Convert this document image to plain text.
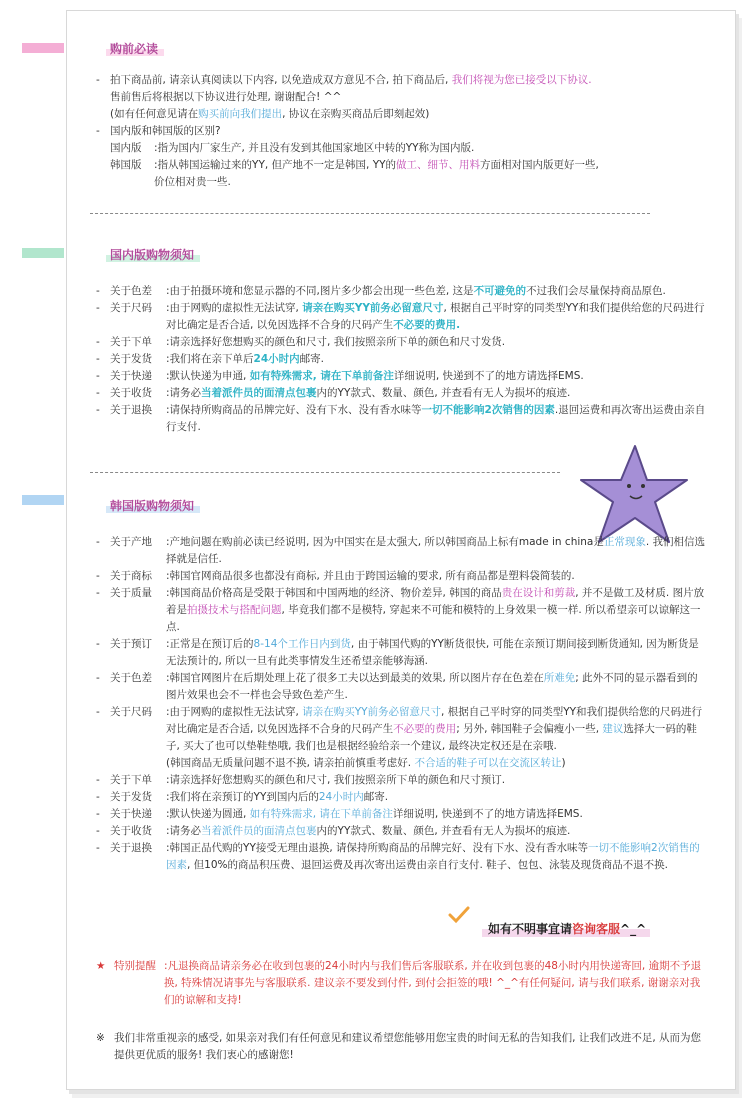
购前必读
- 拍下商品前, 请亲认真阅读以下内容, 以免造成双方意见不合, 拍下商品后, 我们将视为您已接受以下协议.
售前售后将根据以下协议进行处理, 谢谢配合! ^^
(如有任何意见请在购买前向我们提出, 协议在亲购买商品后即刻起效)
- 国内版和韩国版的区别?
国内版	:指为国内厂家生产, 并且没有发到其他国家地区中转的YY称为国内版.
韩国版	:指从韩国运输过来的YY, 但产地不一定是韩国, YY的做工、细节、用料方面相对国内版更好一些,
价位相对贵一些.
国内版购物须知
- 关于色差	:由于拍摄环境和您显示器的不同,图片多少都会出现一些色差, 这是不可避免的不过我们会尽量保持商品原色.
- 关于尺码	:由于网购的虚拟性无法试穿, 请亲在购买YY前务必留意尺寸, 根据自己平时穿的同类型YY和我们提供给您的尺码进行对比确定是否合适, 以免因选择不合身的尺码产生不必要的费用.
- 关于下单	:请亲选择好您想购买的颜色和尺寸, 我们按照亲所下单的颜色和尺寸发货.
- 关于发货	:我们将在亲下单后24小时内邮寄.
- 关于快递	:默认快递为申通, 如有特殊需求, 请在下单前备注详细说明, 快递到不了的地方请选择EMS.
- 关于收货	:请务必当着派件员的面清点包裹内的YY款式、数量、颜色, 并查看有无人为损坏的痕迹.
- 关于退换	:请保持所购商品的吊牌完好、没有下水、没有香水味等一切不能影响2次销售的因素.退回运费和再次寄出运费由亲自行支付.
韩国版购物须知
- 关于产地	:产地问题在购前必读已经说明, 因为中国实在是太强大, 所以韩国商品上标有made in china是正常现象. 我们相信选择就是信任.
- 关于商标	:韩国官网商品很多也都没有商标, 并且由于跨国运输的要求, 所有商品都是塑料袋简装的.
- 关于质量	:韩国商品价格高是受限于韩国和中国两地的经济、物价差异, 韩国的商品贵在设计和剪裁, 并不是做工及材质. 图片放着是拍摄技术与搭配问题, 毕竟我们都不是模特, 穿起来不可能和模特的上身效果一模一样. 所以希望亲可以谅解这一点.
- 关于预订	:正常是在预订后的8-14个工作日内到货, 由于韩国代购的YY断货很快, 可能在亲预订期间接到断货通知, 因为断货是无法预计的, 所以一旦有此类事情发生还希望亲能够海涵.
- 关于色差	:韩国官网图片在后期处理上花了很多工夫以达到最美的效果, 所以图片存在色差在所难免; 此外不同的显示器看到的图片效果也会不一样也会导致色差产生.
- 关于尺码	:由于网购的虚拟性无法试穿, 请亲在购买YY前务必留意尺寸, 根据自己平时穿的同类型YY和我们提供给您的尺码进行对比确定是否合适, 以免因选择不合身的尺码产生不必要的费用; 另外, 韩国鞋子会偏瘦小一些, 建议选择大一码的鞋子, 买大了也可以垫鞋垫哦, 我们也是根据经验给亲一个建议, 最终决定权还是在亲哦.
(韩国商品无质量问题不退不换, 请亲拍前慎重考虑好. 不合适的鞋子可以在交流区转让)
- 关于下单	:请亲选择好您想购买的颜色和尺寸, 我们按照亲所下单的颜色和尺寸预订.
- 关于发货	:我们将在亲预订的YY到国内后的24小时内邮寄.
- 关于快递	:默认快递为圆通, 如有特殊需求, 请在下单前备注详细说明, 快递到不了的地方请选择EMS.
- 关于收货	:请务必当着派件员的面清点包裹内的YY款式、数量、颜色, 并查看有无人为损坏的痕迹.
- 关于退换	:韩国正品代购的YY接受无理由退换, 请保持所购商品的吊牌完好、没有下水、没有香水味等一切不能影响2次销售的因素, 但10%的商品积压费、退回运费及再次寄出运费由亲自行支付. 鞋子、包包、泳装及现货商品不退不换.
如有不明事宜请咨询客服^_^
★ 特别提醒 :凡退换商品请亲务必在收到包裹的24小时内与我们售后客服联系, 并在收到包裹的48小时内用快递寄回, 逾期不予退换, 特殊情况请事先与客服联系. 建议亲不要发到付件, 到付会拒签的哦! ^_^有任何疑问, 请与我们联系, 谢谢亲对我们的谅解和支持!
※ 我们非常重视亲的感受, 如果亲对我们有任何意见和建议希望您能够用您宝贵的时间无私的告知我们, 让我们改进不足, 从而为您提供更优质的服务! 我们衷心的感谢您!
